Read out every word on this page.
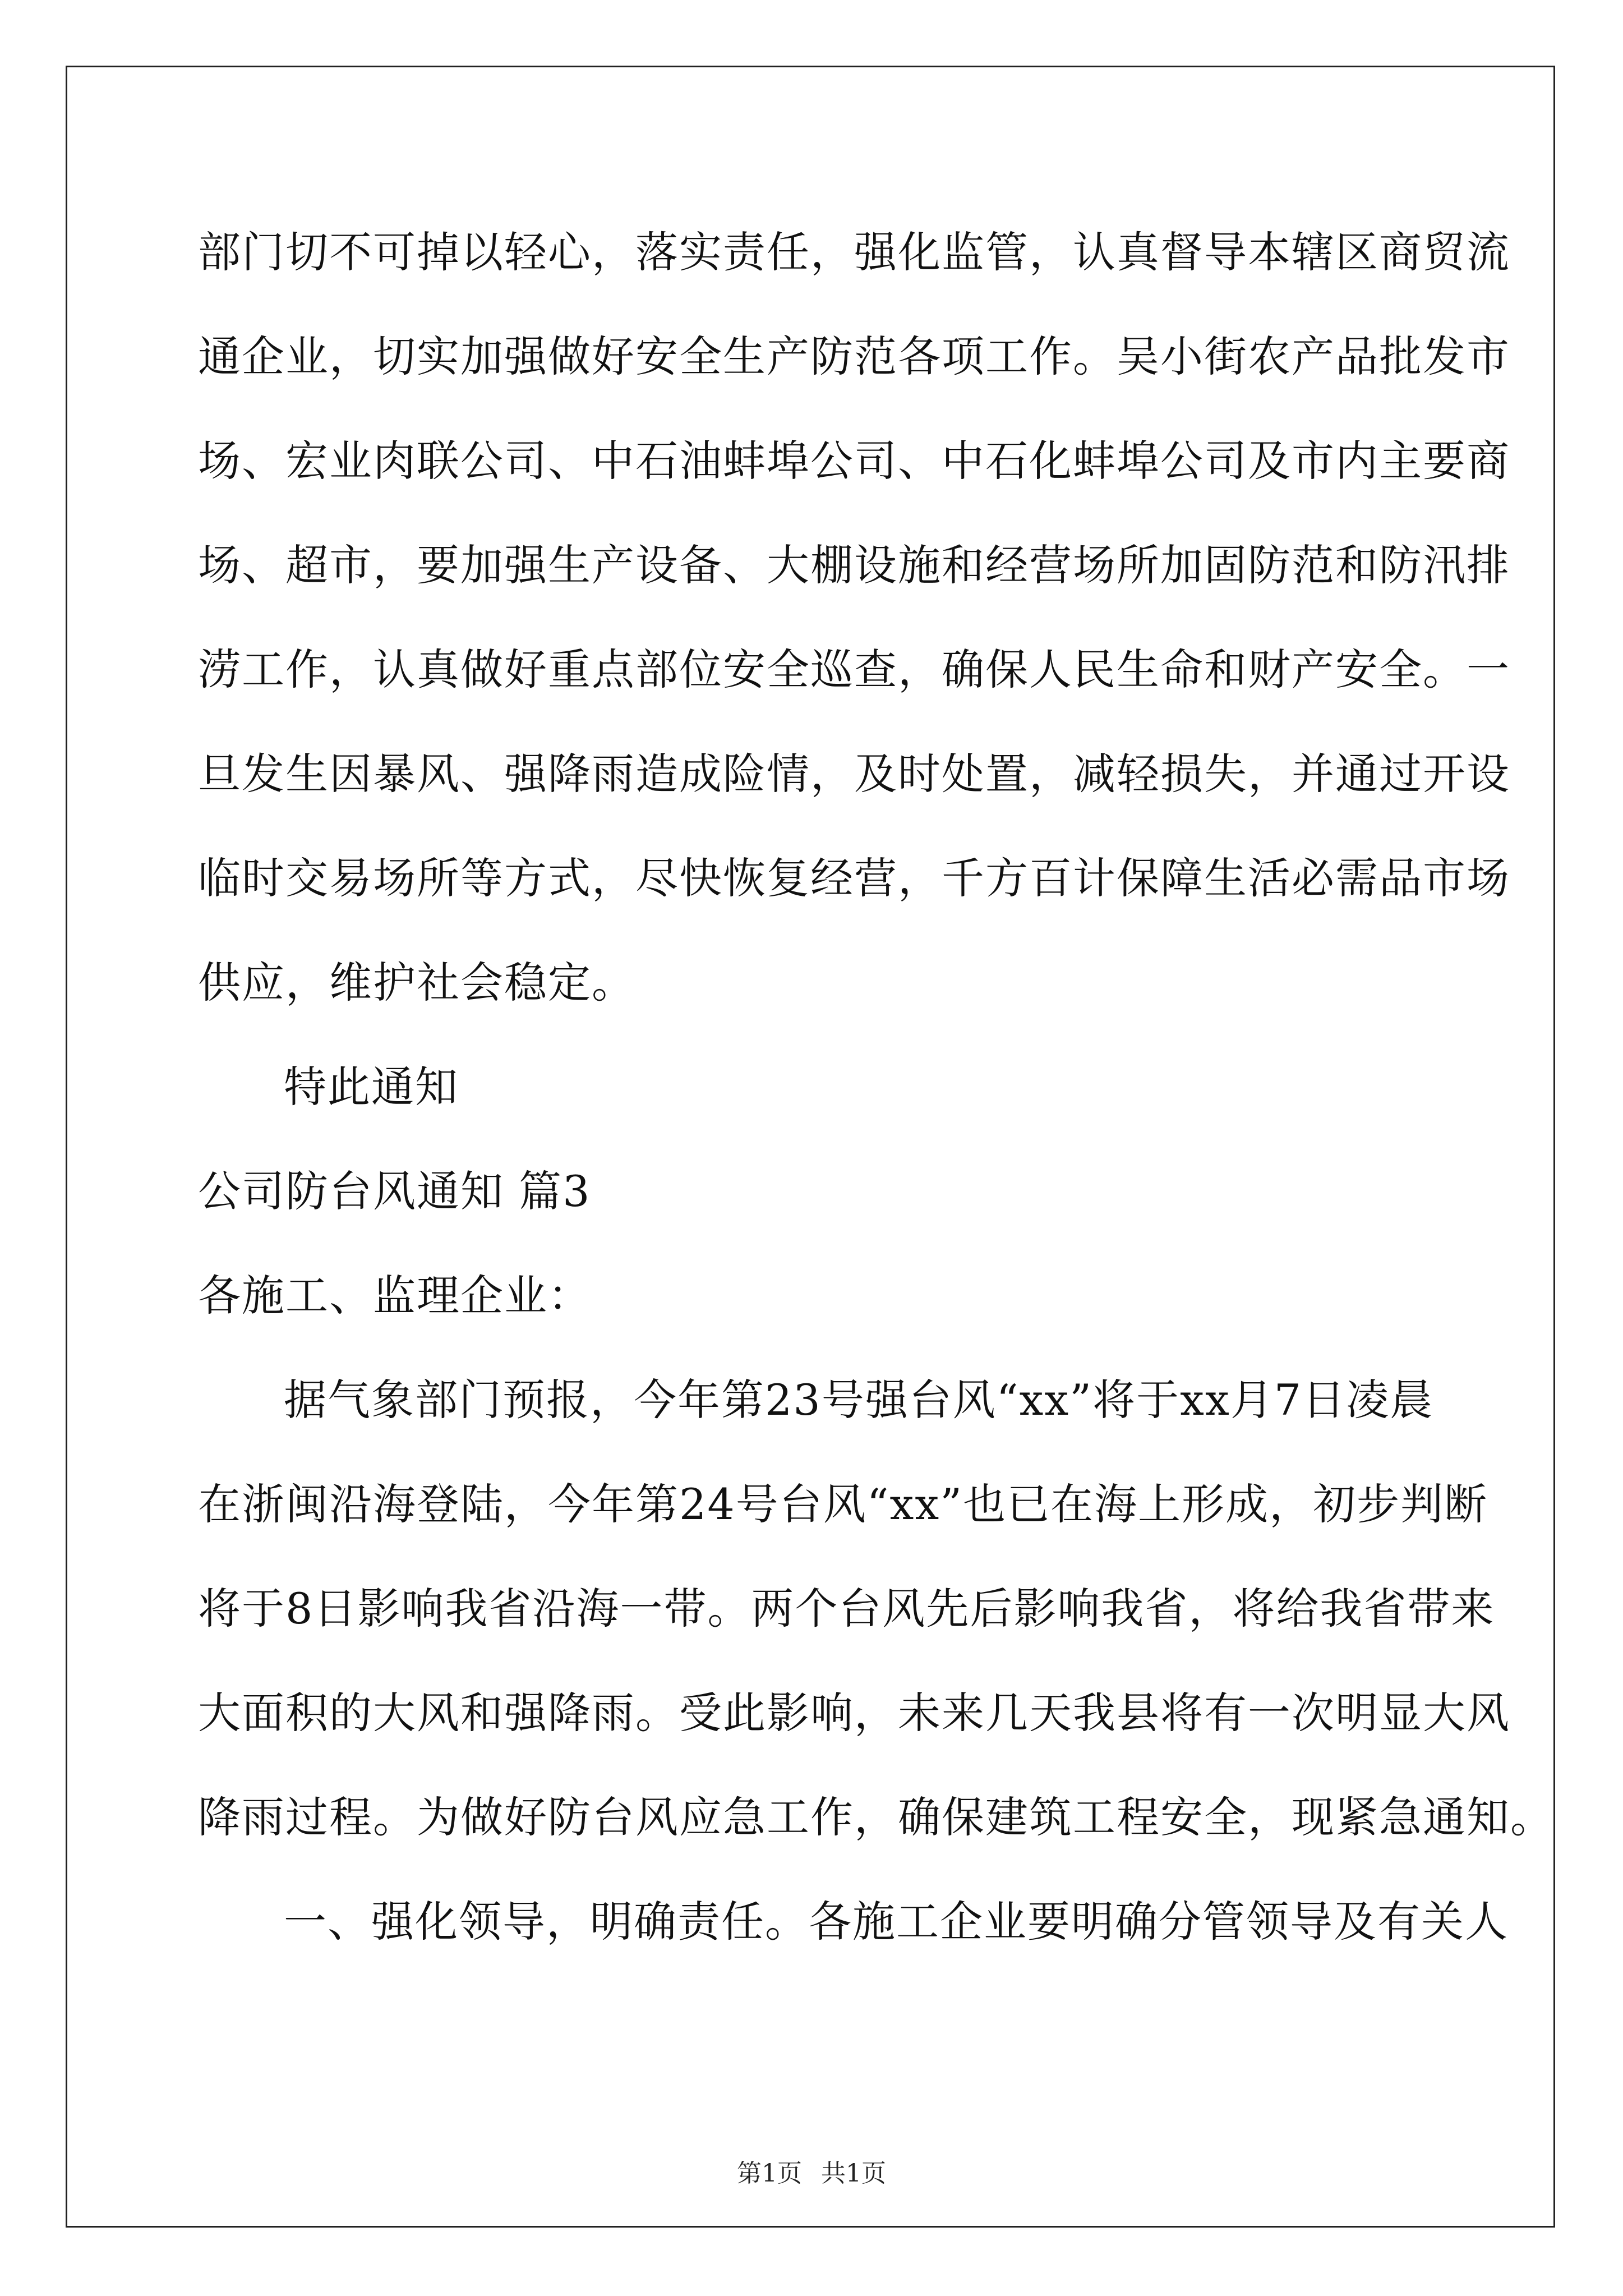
部门切不可掉以轻心，落实责任，强化监管，认真督导本辖区商贸流
通企业，切实加强做好安全生产防范各项工作。吴小街农产品批发市
场、宏业肉联公司、中石油蚌埠公司、中石化蚌埠公司及市内主要商
场、超市，要加强生产设备、大棚设施和经营场所加固防范和防汛排
涝工作，认真做好重点部位安全巡查，确保人民生命和财产安全。一
旦发生因暴风、强降雨造成险情，及时处置，减轻损失，并通过开设
临时交易场所等方式，尽快恢复经营，千方百计保障生活必需品市场
供应，维护社会稳定。
特此通知
公司防台风通知 篇3
各施工、监理企业：
据气象部门预报，今年第23号强台风“xx”将于xx月7日凌晨
在浙闽沿海登陆，今年第24号台风“xx”也已在海上形成，初步判断
将于8日影响我省沿海一带。两个台风先后影响我省，将给我省带来
大面积的大风和强降雨。受此影响，未来几天我县将有一次明显大风
降雨过程。为做好防台风应急工作，确保建筑工程安全，现紧急通知。
一、强化领导，明确责任。各施工企业要明确分管领导及有关人
第1页 共1页
